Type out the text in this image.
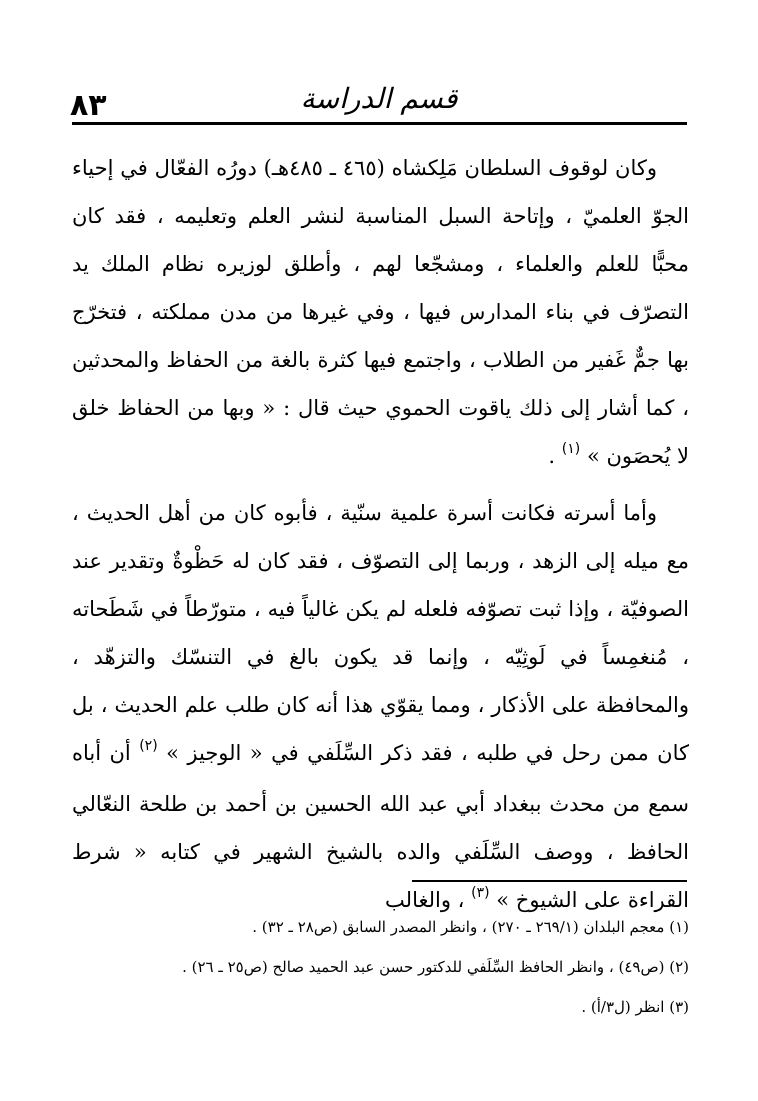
٨٣	قسم الدراسة

وكان لوقوف السلطان مَلِكشاه (٤٦٥ ـ ٤٨٥هـ) دورُه الفعّال في إحياء الجوّ العلميّ ، وإتاحة السبل المناسبة لنشر العلم وتعليمه ، فقد كان محبًّا للعلم والعلماء ، ومشجّعا لهم ، وأطلق لوزيره نظام الملك يد التصرّف في بناء المدارس فيها ، وفي غيرها من مدن مملكته ، فتخرّج بها جمٌّ غَفير من الطلاب ، واجتمع فيها كثرة بالغة من الحفاظ والمحدثين ، كما أشار إلى ذلك ياقوت الحموي حيث قال : « وبها من الحفاظ خلق لا يُحصَون » $^{(١)}$ .

وأما أسرته فكانت أسرة علمية سنّية ، فأبوه كان من أهل الحديث ، مع ميله إلى الزهد ، وربما إلى التصوّف ، فقد كان له حَظْوةٌ وتقدير عند الصوفيّة ، وإذا ثبت تصوّفه فلعله لم يكن غالياً فيه ، متورّطاً في شَطَحاته ، مُنغمِساً في لَوثِيّه ، وإنما قد يكون بالغ في التنسّك والتزهّد ، والمحافظة على الأذكار ، ومما يقوّي هذا أنه كان طلب علم الحديث ، بل كان ممن رحل في طلبه ، فقد ذكر السِّلَفي في « الوجيز » $^{(٢)}$ أن أباه سمع من محدث ببغداد أبي عبد الله الحسين بن أحمد بن طلحة النعّالي الحافظ ، ووصف السِّلَفي والده بالشيخ الشهير في كتابه « شرط القراءة على الشيوخ » $^{(٣)}$ ، والغالب

(١) معجم البلدان (٢٦٩/١ ـ ٢٧٠) ، وانظر المصدر السابق (ص٢٨ ـ ٣٢) .
(٢) (ص٤٩) ، وانظر الحافظ السِّلَفي للدكتور حسن عبد الحميد صالح (ص٢٥ ـ ٢٦) .
(٣) انظر (ل٣/أ) .
